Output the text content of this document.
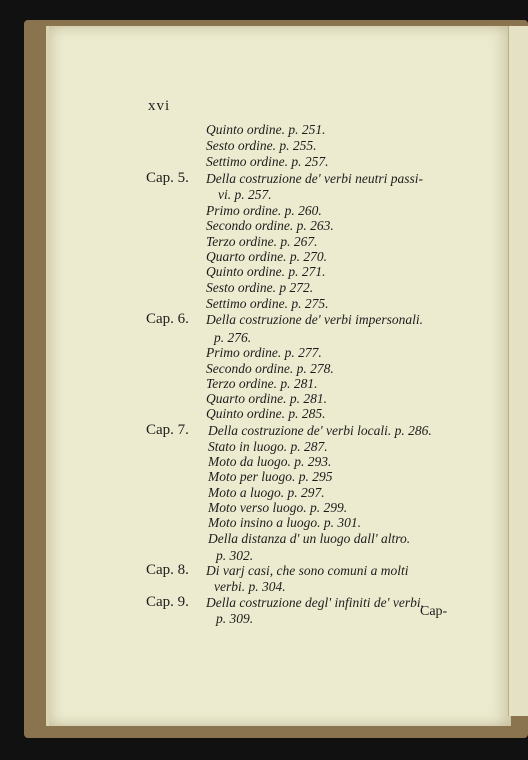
xvi
Quinto ordine. p. 251.
Sesto ordine. p. 255.
Settimo ordine. p. 257.
Cap. 5. Della costruzione de' verbi neutri passi-
vi. p. 257.
Primo ordine. p. 260.
Secondo ordine. p. 263.
Terzo ordine. p. 267.
Quarto ordine. p. 270.
Quinto ordine. p. 271.
Sesto ordine. p 272.
Settimo ordine. p. 275.
Cap. 6. Della costruzione de' verbi impersonali.
p. 276.
Primo ordine. p. 277.
Secondo ordine. p. 278.
Terzo ordine. p. 281.
Quarto ordine. p. 281.
Quinto ordine. p. 285.
Cap. 7. Della costruzione de' verbi locali. p. 286.
Stato in luogo. p. 287.
Moto da luogo. p. 293.
Moto per luogo. p. 295
Moto a luogo. p. 297.
Moto verso luogo. p. 299.
Moto insino a luogo. p. 301.
Della distanza d' un luogo dall' altro.
p. 302.
Cap. 8. Di varj casi, che sono comuni a molti
verbi. p. 304.
Cap. 9. Della costruzione degl' infiniti de' verbi.
p. 309.	Cap-
